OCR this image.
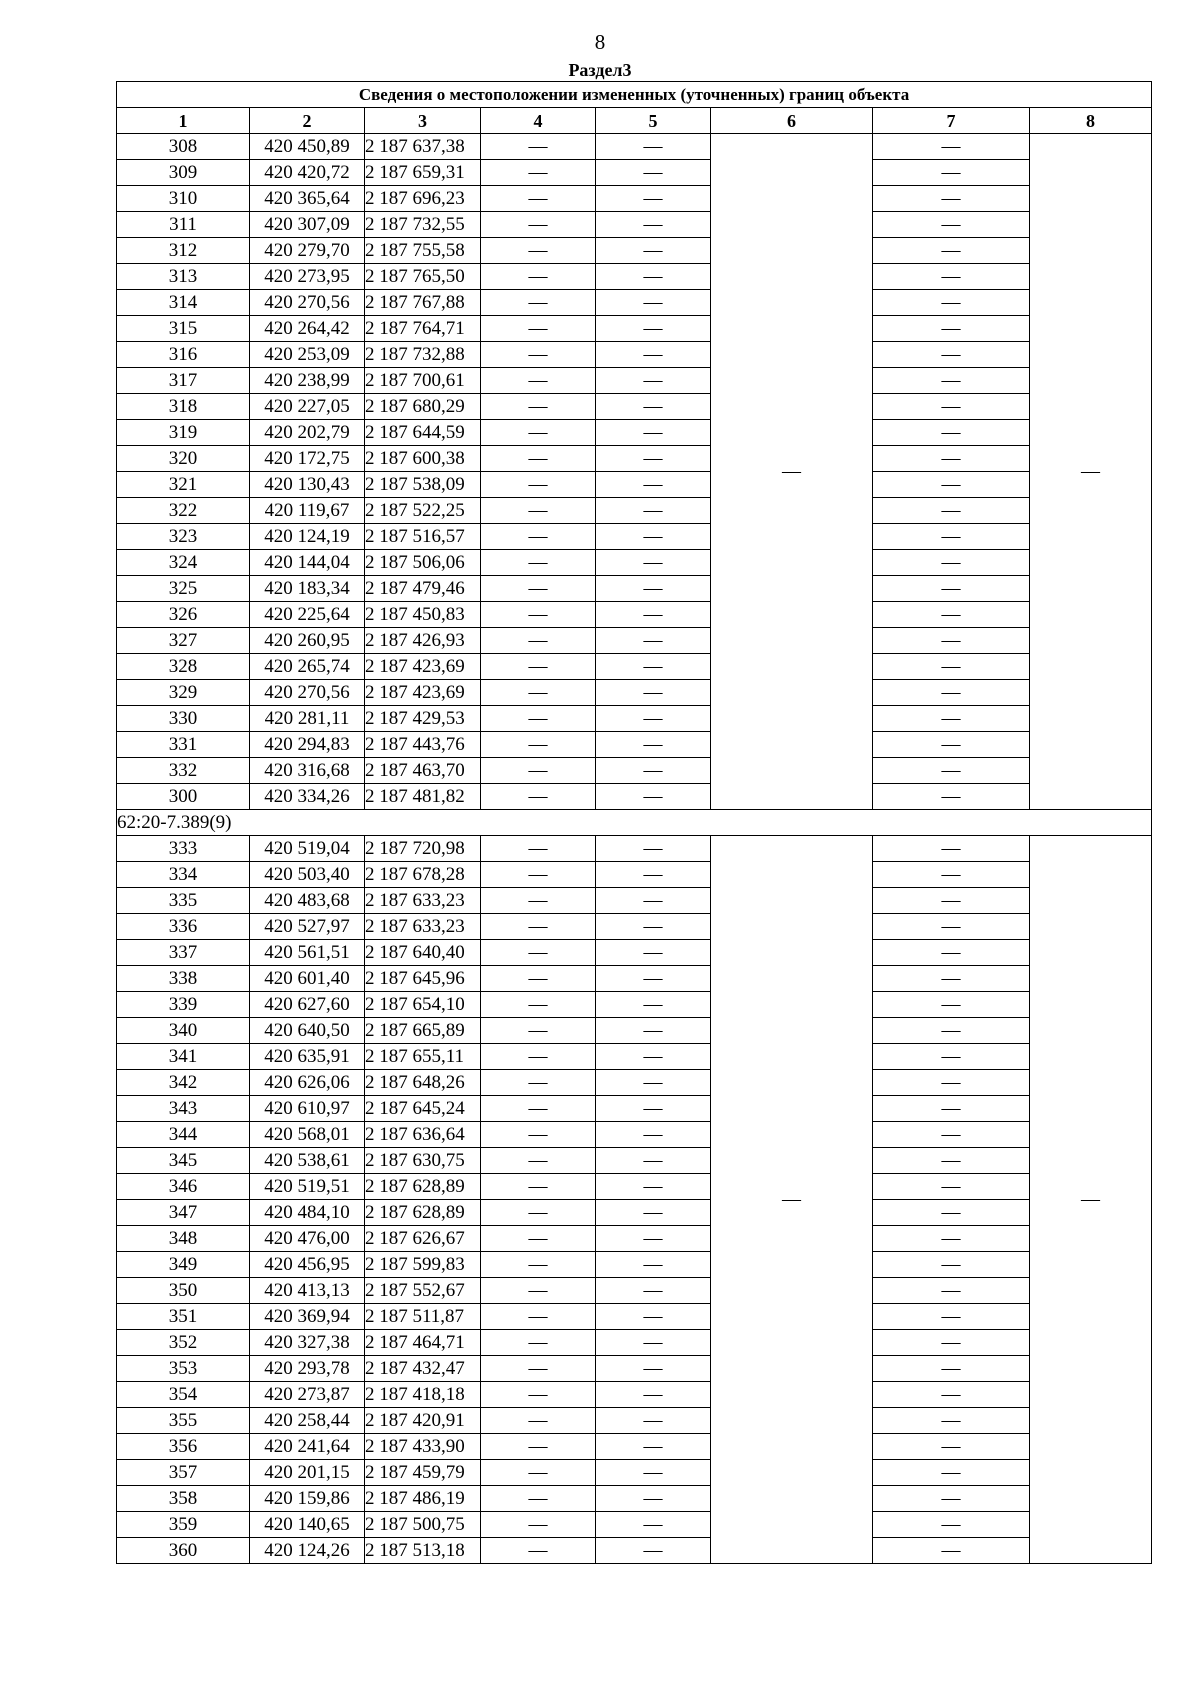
8
Раздел3
Сведения о местоположении измененных (уточненных) границ объекта							
1	2	3	4	5	6	7	8
308	420 450,89	2 187 637,38	—	—	—	—	—
309	420 420,72	2 187 659,31	—	—		—	
310	420 365,64	2 187 696,23	—	—		—	
311	420 307,09	2 187 732,55	—	—		—	
312	420 279,70	2 187 755,58	—	—		—	
313	420 273,95	2 187 765,50	—	—		—	
314	420 270,56	2 187 767,88	—	—		—	
315	420 264,42	2 187 764,71	—	—		—	
316	420 253,09	2 187 732,88	—	—		—	
317	420 238,99	2 187 700,61	—	—		—	
318	420 227,05	2 187 680,29	—	—		—	
319	420 202,79	2 187 644,59	—	—		—	
320	420 172,75	2 187 600,38	—	—		—	
321	420 130,43	2 187 538,09	—	—		—	
322	420 119,67	2 187 522,25	—	—		—	
323	420 124,19	2 187 516,57	—	—		—	
324	420 144,04	2 187 506,06	—	—		—	
325	420 183,34	2 187 479,46	—	—		—	
326	420 225,64	2 187 450,83	—	—		—	
327	420 260,95	2 187 426,93	—	—		—	
328	420 265,74	2 187 423,69	—	—		—	
329	420 270,56	2 187 423,69	—	—		—	
330	420 281,11	2 187 429,53	—	—		—	
331	420 294,83	2 187 443,76	—	—		—	
332	420 316,68	2 187 463,70	—	—		—	
300	420 334,26	2 187 481,82	—	—		—	
62:20-7.389(9)							
333	420 519,04	2 187 720,98	—	—	—	—	—
334	420 503,40	2 187 678,28	—	—		—	
335	420 483,68	2 187 633,23	—	—		—	
336	420 527,97	2 187 633,23	—	—		—	
337	420 561,51	2 187 640,40	—	—		—	
338	420 601,40	2 187 645,96	—	—		—	
339	420 627,60	2 187 654,10	—	—		—	
340	420 640,50	2 187 665,89	—	—		—	
341	420 635,91	2 187 655,11	—	—		—	
342	420 626,06	2 187 648,26	—	—		—	
343	420 610,97	2 187 645,24	—	—		—	
344	420 568,01	2 187 636,64	—	—		—	
345	420 538,61	2 187 630,75	—	—		—	
346	420 519,51	2 187 628,89	—	—		—	
347	420 484,10	2 187 628,89	—	—		—	
348	420 476,00	2 187 626,67	—	—		—	
349	420 456,95	2 187 599,83	—	—		—	
350	420 413,13	2 187 552,67	—	—		—	
351	420 369,94	2 187 511,87	—	—		—	
352	420 327,38	2 187 464,71	—	—		—	
353	420 293,78	2 187 432,47	—	—		—	
354	420 273,87	2 187 418,18	—	—		—	
355	420 258,44	2 187 420,91	—	—		—	
356	420 241,64	2 187 433,90	—	—		—	
357	420 201,15	2 187 459,79	—	—		—	
358	420 159,86	2 187 486,19	—	—		—	
359	420 140,65	2 187 500,75	—	—		—	
360	420 124,26	2 187 513,18	—	—		—	
